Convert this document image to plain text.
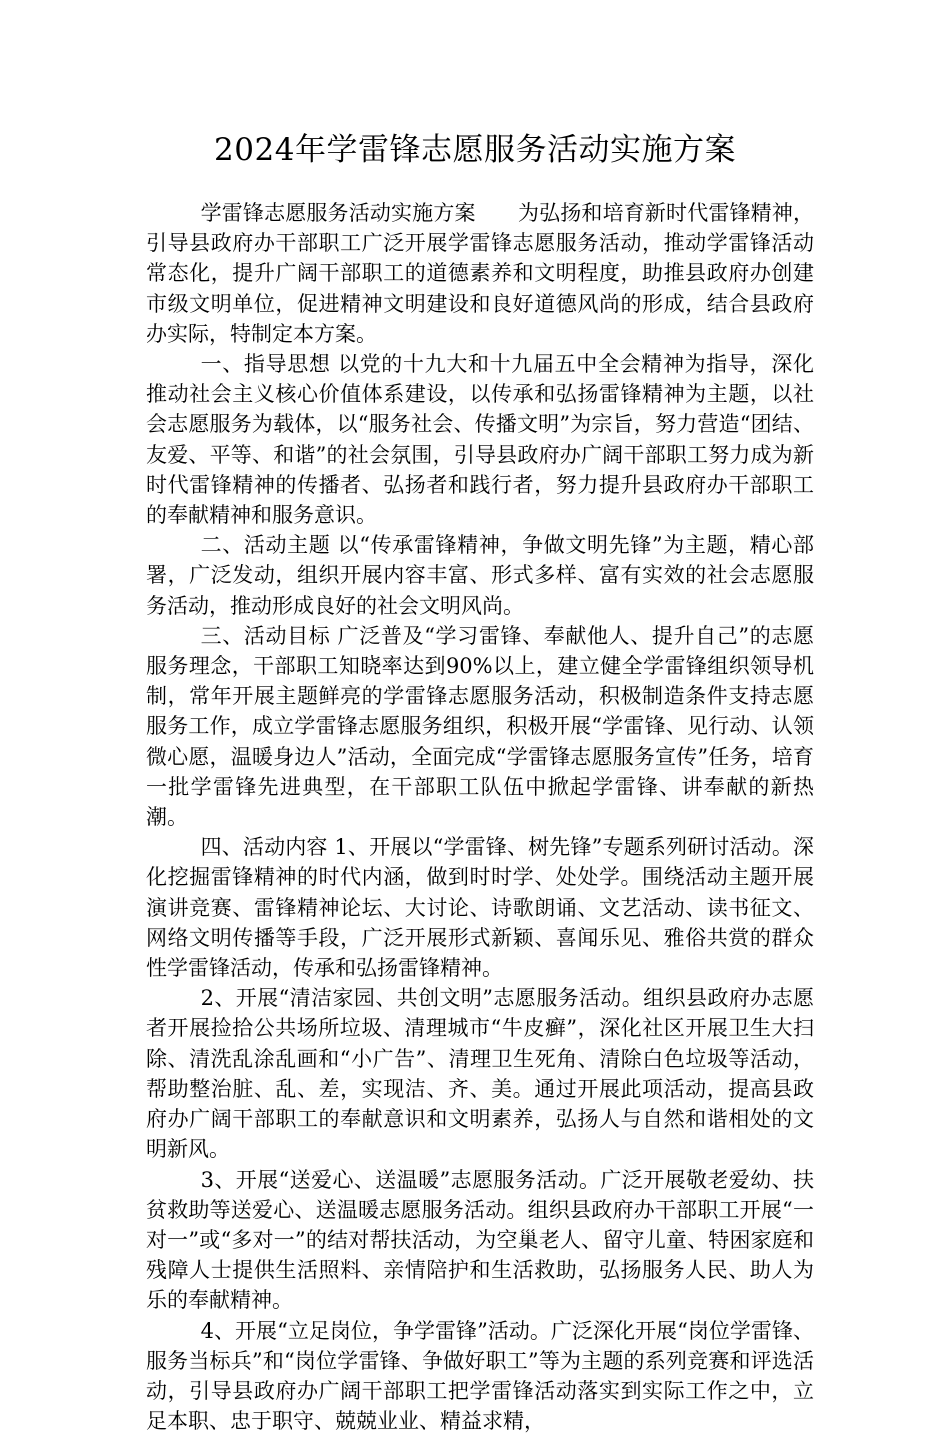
2024年学雷锋志愿服务活动实施方案

学雷锋志愿服务活动实施方案　　为弘扬和培育新时代雷锋精神，引导县政府办干部职工广泛开展学雷锋志愿服务活动，推动学雷锋活动常态化，提升广阔干部职工的道德素养和文明程度，助推县政府办创建市级文明单位，促进精神文明建设和良好道德风尚的形成，结合县政府办实际，特制定本方案。

一、指导思想 以党的十九大和十九届五中全会精神为指导，深化推动社会主义核心价值体系建设，以传承和弘扬雷锋精神为主题，以社会志愿服务为载体，以“服务社会、传播文明”为宗旨，努力营造“团结、友爱、平等、和谐”的社会氛围，引导县政府办广阔干部职工努力成为新时代雷锋精神的传播者、弘扬者和践行者，努力提升县政府办干部职工的奉献精神和服务意识。

二、活动主题 以“传承雷锋精神，争做文明先锋”为主题，精心部署，广泛发动，组织开展内容丰富、形式多样、富有实效的社会志愿服务活动，推动形成良好的社会文明风尚。

三、活动目标 广泛普及“学习雷锋、奉献他人、提升自己”的志愿服务理念，干部职工知晓率达到90%以上，建立健全学雷锋组织领导机制，常年开展主题鲜亮的学雷锋志愿服务活动，积极制造条件支持志愿服务工作，成立学雷锋志愿服务组织，积极开展“学雷锋、见行动、认领微心愿，温暖身边人”活动，全面完成“学雷锋志愿服务宣传”任务，培育一批学雷锋先进典型，在干部职工队伍中掀起学雷锋、讲奉献的新热潮。

四、活动内容 1、开展以“学雷锋、树先锋”专题系列研讨活动。深化挖掘雷锋精神的时代内涵，做到时时学、处处学。围绕活动主题开展演讲竞赛、雷锋精神论坛、大讨论、诗歌朗诵、文艺活动、读书征文、网络文明传播等手段，广泛开展形式新颖、喜闻乐见、雅俗共赏的群众性学雷锋活动，传承和弘扬雷锋精神。

2、开展“清洁家园、共创文明”志愿服务活动。组织县政府办志愿者开展捡拾公共场所垃圾、清理城市“牛皮癣”，深化社区开展卫生大扫除、清洗乱涂乱画和“小广告”、清理卫生死角、清除白色垃圾等活动，帮助整治脏、乱、差，实现洁、齐、美。通过开展此项活动，提高县政府办广阔干部职工的奉献意识和文明素养，弘扬人与自然和谐相处的文明新风。

3、开展“送爱心、送温暖”志愿服务活动。广泛开展敬老爱幼、扶贫救助等送爱心、送温暖志愿服务活动。组织县政府办干部职工开展“一对一”或“多对一”的结对帮扶活动，为空巢老人、留守儿童、特困家庭和残障人士提供生活照料、亲情陪护和生活救助，弘扬服务人民、助人为乐的奉献精神。

4、开展“立足岗位，争学雷锋”活动。广泛深化开展“岗位学雷锋、服务当标兵”和“岗位学雷锋、争做好职工”等为主题的系列竞赛和评选活动，引导县政府办广阔干部职工把学雷锋活动落实到实际工作之中，立足本职、忠于职守、兢兢业业、精益求精，
